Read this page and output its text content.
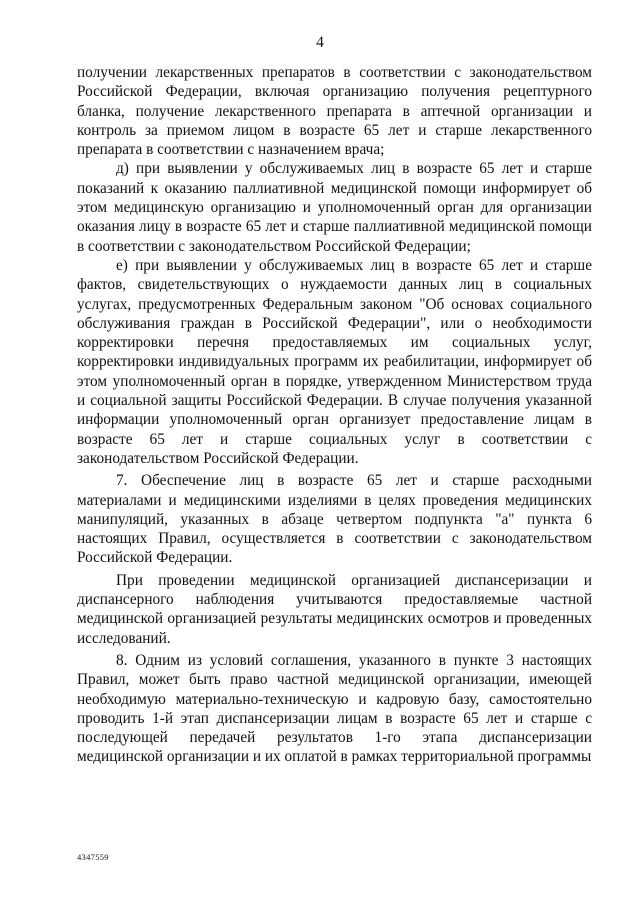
4

получении лекарственных препаратов в соответствии с законодательством Российской Федерации, включая организацию получения рецептурного бланка, получение лекарственного препарата в аптечной организации и контроль за приемом лицом в возрасте 65 лет и старше лекарственного препарата в соответствии с назначением врача;

д) при выявлении у обслуживаемых лиц в возрасте 65 лет и старше показаний к оказанию паллиативной медицинской помощи информирует об этом медицинскую организацию и уполномоченный орган для организации оказания лицу в возрасте 65 лет и старше паллиативной медицинской помощи в соответствии с законодательством Российской Федерации;

е) при выявлении у обслуживаемых лиц в возрасте 65 лет и старше фактов, свидетельствующих о нуждаемости данных лиц в социальных услугах, предусмотренных Федеральным законом "Об основах социального обслуживания граждан в Российской Федерации", или о необходимости корректировки перечня предоставляемых им социальных услуг, корректировки индивидуальных программ их реабилитации, информирует об этом уполномоченный орган в порядке, утвержденном Министерством труда и социальной защиты Российской Федерации. В случае получения указанной информации уполномоченный орган организует предоставление лицам в возрасте 65 лет и старше социальных услуг в соответствии с законодательством Российской Федерации.

7. Обеспечение лиц в возрасте 65 лет и старше расходными материалами и медицинскими изделиями в целях проведения медицинских манипуляций, указанных в абзаце четвертом подпункта "а" пункта 6 настоящих Правил, осуществляется в соответствии с законодательством Российской Федерации.

При проведении медицинской организацией диспансеризации и диспансерного наблюдения учитываются предоставляемые частной медицинской организацией результаты медицинских осмотров и проведенных исследований.

8. Одним из условий соглашения, указанного в пункте 3 настоящих Правил, может быть право частной медицинской организации, имеющей необходимую материально-техническую и кадровую базу, самостоятельно проводить 1-й этап диспансеризации лицам в возрасте 65 лет и старше с последующей передачей результатов 1-го этапа диспансеризации медицинской организации и их оплатой в рамках территориальной программы

4347559
